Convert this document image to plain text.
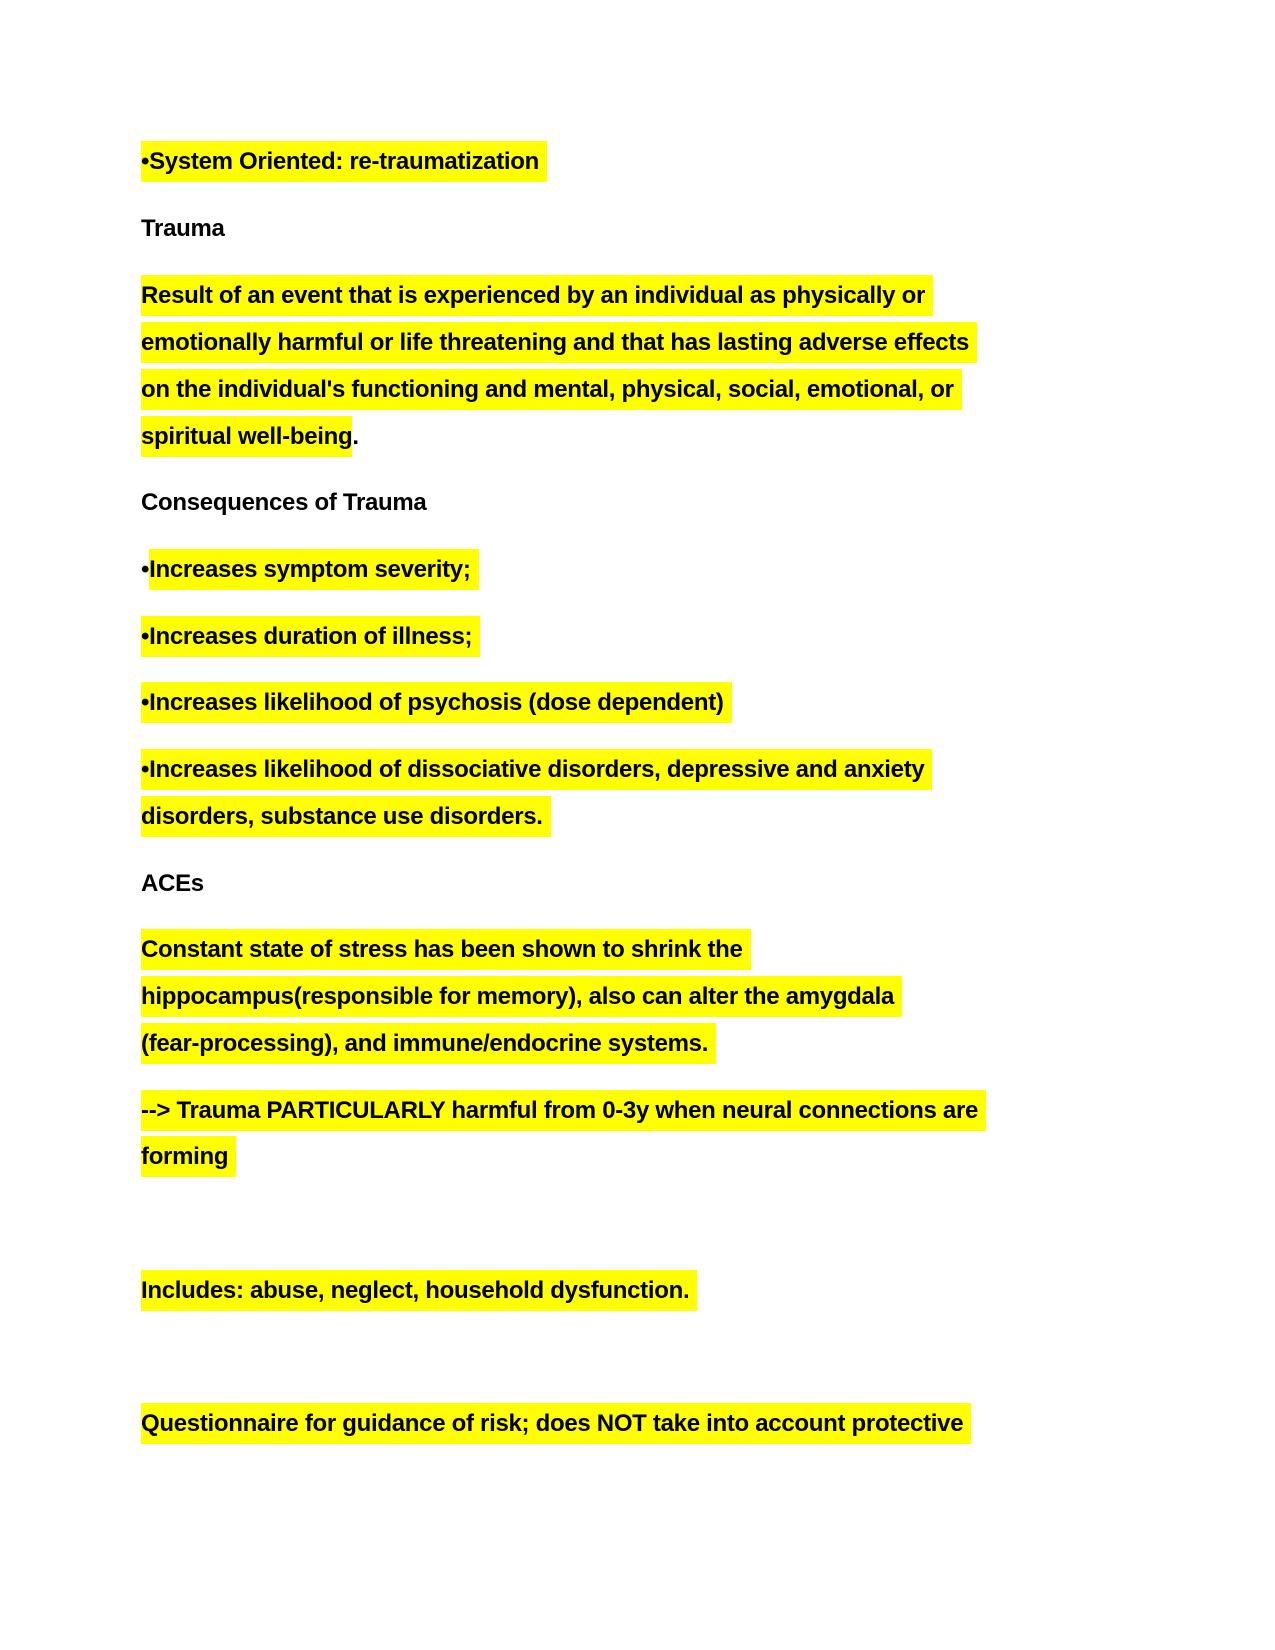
•System Oriented: re-traumatization
Trauma
Result of an event that is experienced by an individual as physically or
emotionally harmful or life threatening and that has lasting adverse effects
on the individual's functioning and mental, physical, social, emotional, or
spiritual well-being.
Consequences of Trauma
•Increases symptom severity;
•Increases duration of illness;
•Increases likelihood of psychosis (dose dependent)
•Increases likelihood of dissociative disorders, depressive and anxiety
disorders, substance use disorders.
ACEs
Constant state of stress has been shown to shrink the
hippocampus(responsible for memory), also can alter the amygdala
(fear-processing), and immune/endocrine systems.
--> Trauma PARTICULARLY harmful from 0-3y when neural connections are
forming
Includes: abuse, neglect, household dysfunction.
Questionnaire for guidance of risk; does NOT take into account protective
